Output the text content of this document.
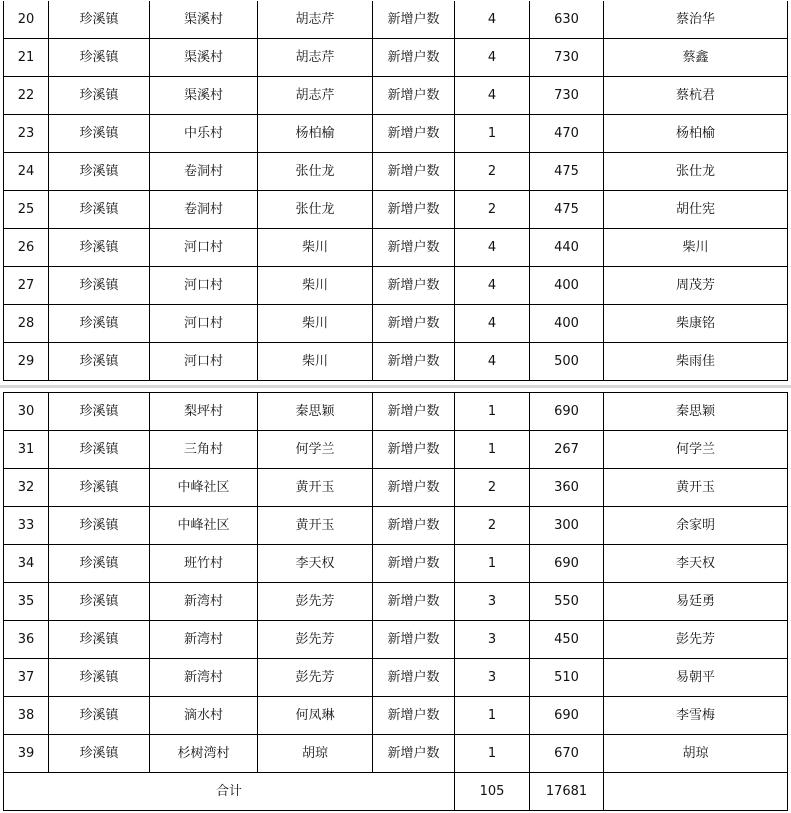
20	珍溪镇	渠溪村	胡志芹	新增户数	4	630	蔡治华
21	珍溪镇	渠溪村	胡志芹	新增户数	4	730	蔡鑫
22	珍溪镇	渠溪村	胡志芹	新增户数	4	730	蔡杭君
23	珍溪镇	中乐村	杨柏榆	新增户数	1	470	杨柏榆
24	珍溪镇	卷洞村	张仕龙	新增户数	2	475	张仕龙
25	珍溪镇	卷洞村	张仕龙	新增户数	2	475	胡仕宪
26	珍溪镇	河口村	柴川	新增户数	4	440	柴川
27	珍溪镇	河口村	柴川	新增户数	4	400	周茂芳
28	珍溪镇	河口村	柴川	新增户数	4	400	柴康铭
29	珍溪镇	河口村	柴川	新增户数	4	500	柴雨佳
30	珍溪镇	梨坪村	秦思颖	新增户数	1	690	秦思颖
31	珍溪镇	三角村	何学兰	新增户数	1	267	何学兰
32	珍溪镇	中峰社区	黄开玉	新增户数	2	360	黄开玉
33	珍溪镇	中峰社区	黄开玉	新增户数	2	300	余家明
34	珍溪镇	班竹村	李天权	新增户数	1	690	李天权
35	珍溪镇	新湾村	彭先芳	新增户数	3	550	易廷勇
36	珍溪镇	新湾村	彭先芳	新增户数	3	450	彭先芳
37	珍溪镇	新湾村	彭先芳	新增户数	3	510	易朝平
38	珍溪镇	滴水村	何凤琳	新增户数	1	690	李雪梅
39	珍溪镇	杉树湾村	胡琼	新增户数	1	670	胡琼
合计					105	17681	
